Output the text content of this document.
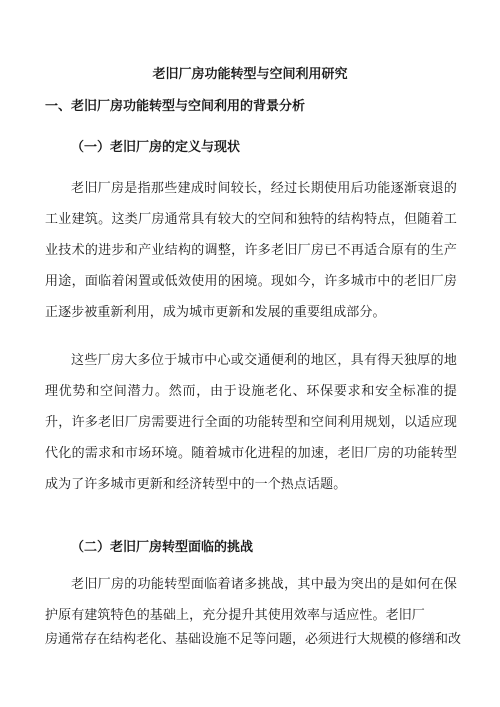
老旧厂房功能转型与空间利用研究
一、老旧厂房功能转型与空间利用的背景分析
（一）老旧厂房的定义与现状

老旧厂房是指那些建成时间较长，经过长期使用后功能逐渐衰退的工业建筑。这类厂房通常具有较大的空间和独特的结构特点，但随着工业技术的进步和产业结构的调整，许多老旧厂房已不再适合原有的生产用途，面临着闲置或低效使用的困境。现如今，许多城市中的老旧厂房正逐步被重新利用，成为城市更新和发展的重要组成部分。

这些厂房大多位于城市中心或交通便利的地区，具有得天独厚的地理优势和空间潜力。然而，由于设施老化、环保要求和安全标准的提升，许多老旧厂房需要进行全面的功能转型和空间利用规划，以适应现代化的需求和市场环境。随着城市化进程的加速，老旧厂房的功能转型成为了许多城市更新和经济转型中的一个热点话题。

（二）老旧厂房转型面临的挑战

老旧厂房的功能转型面临着诸多挑战，其中最为突出的是如何在保护原有建筑特色的基础上，充分提升其使用效率与适应性。老旧厂

房通常存在结构老化、基础设施不足等问题，必须进行大规模的修缮和改
